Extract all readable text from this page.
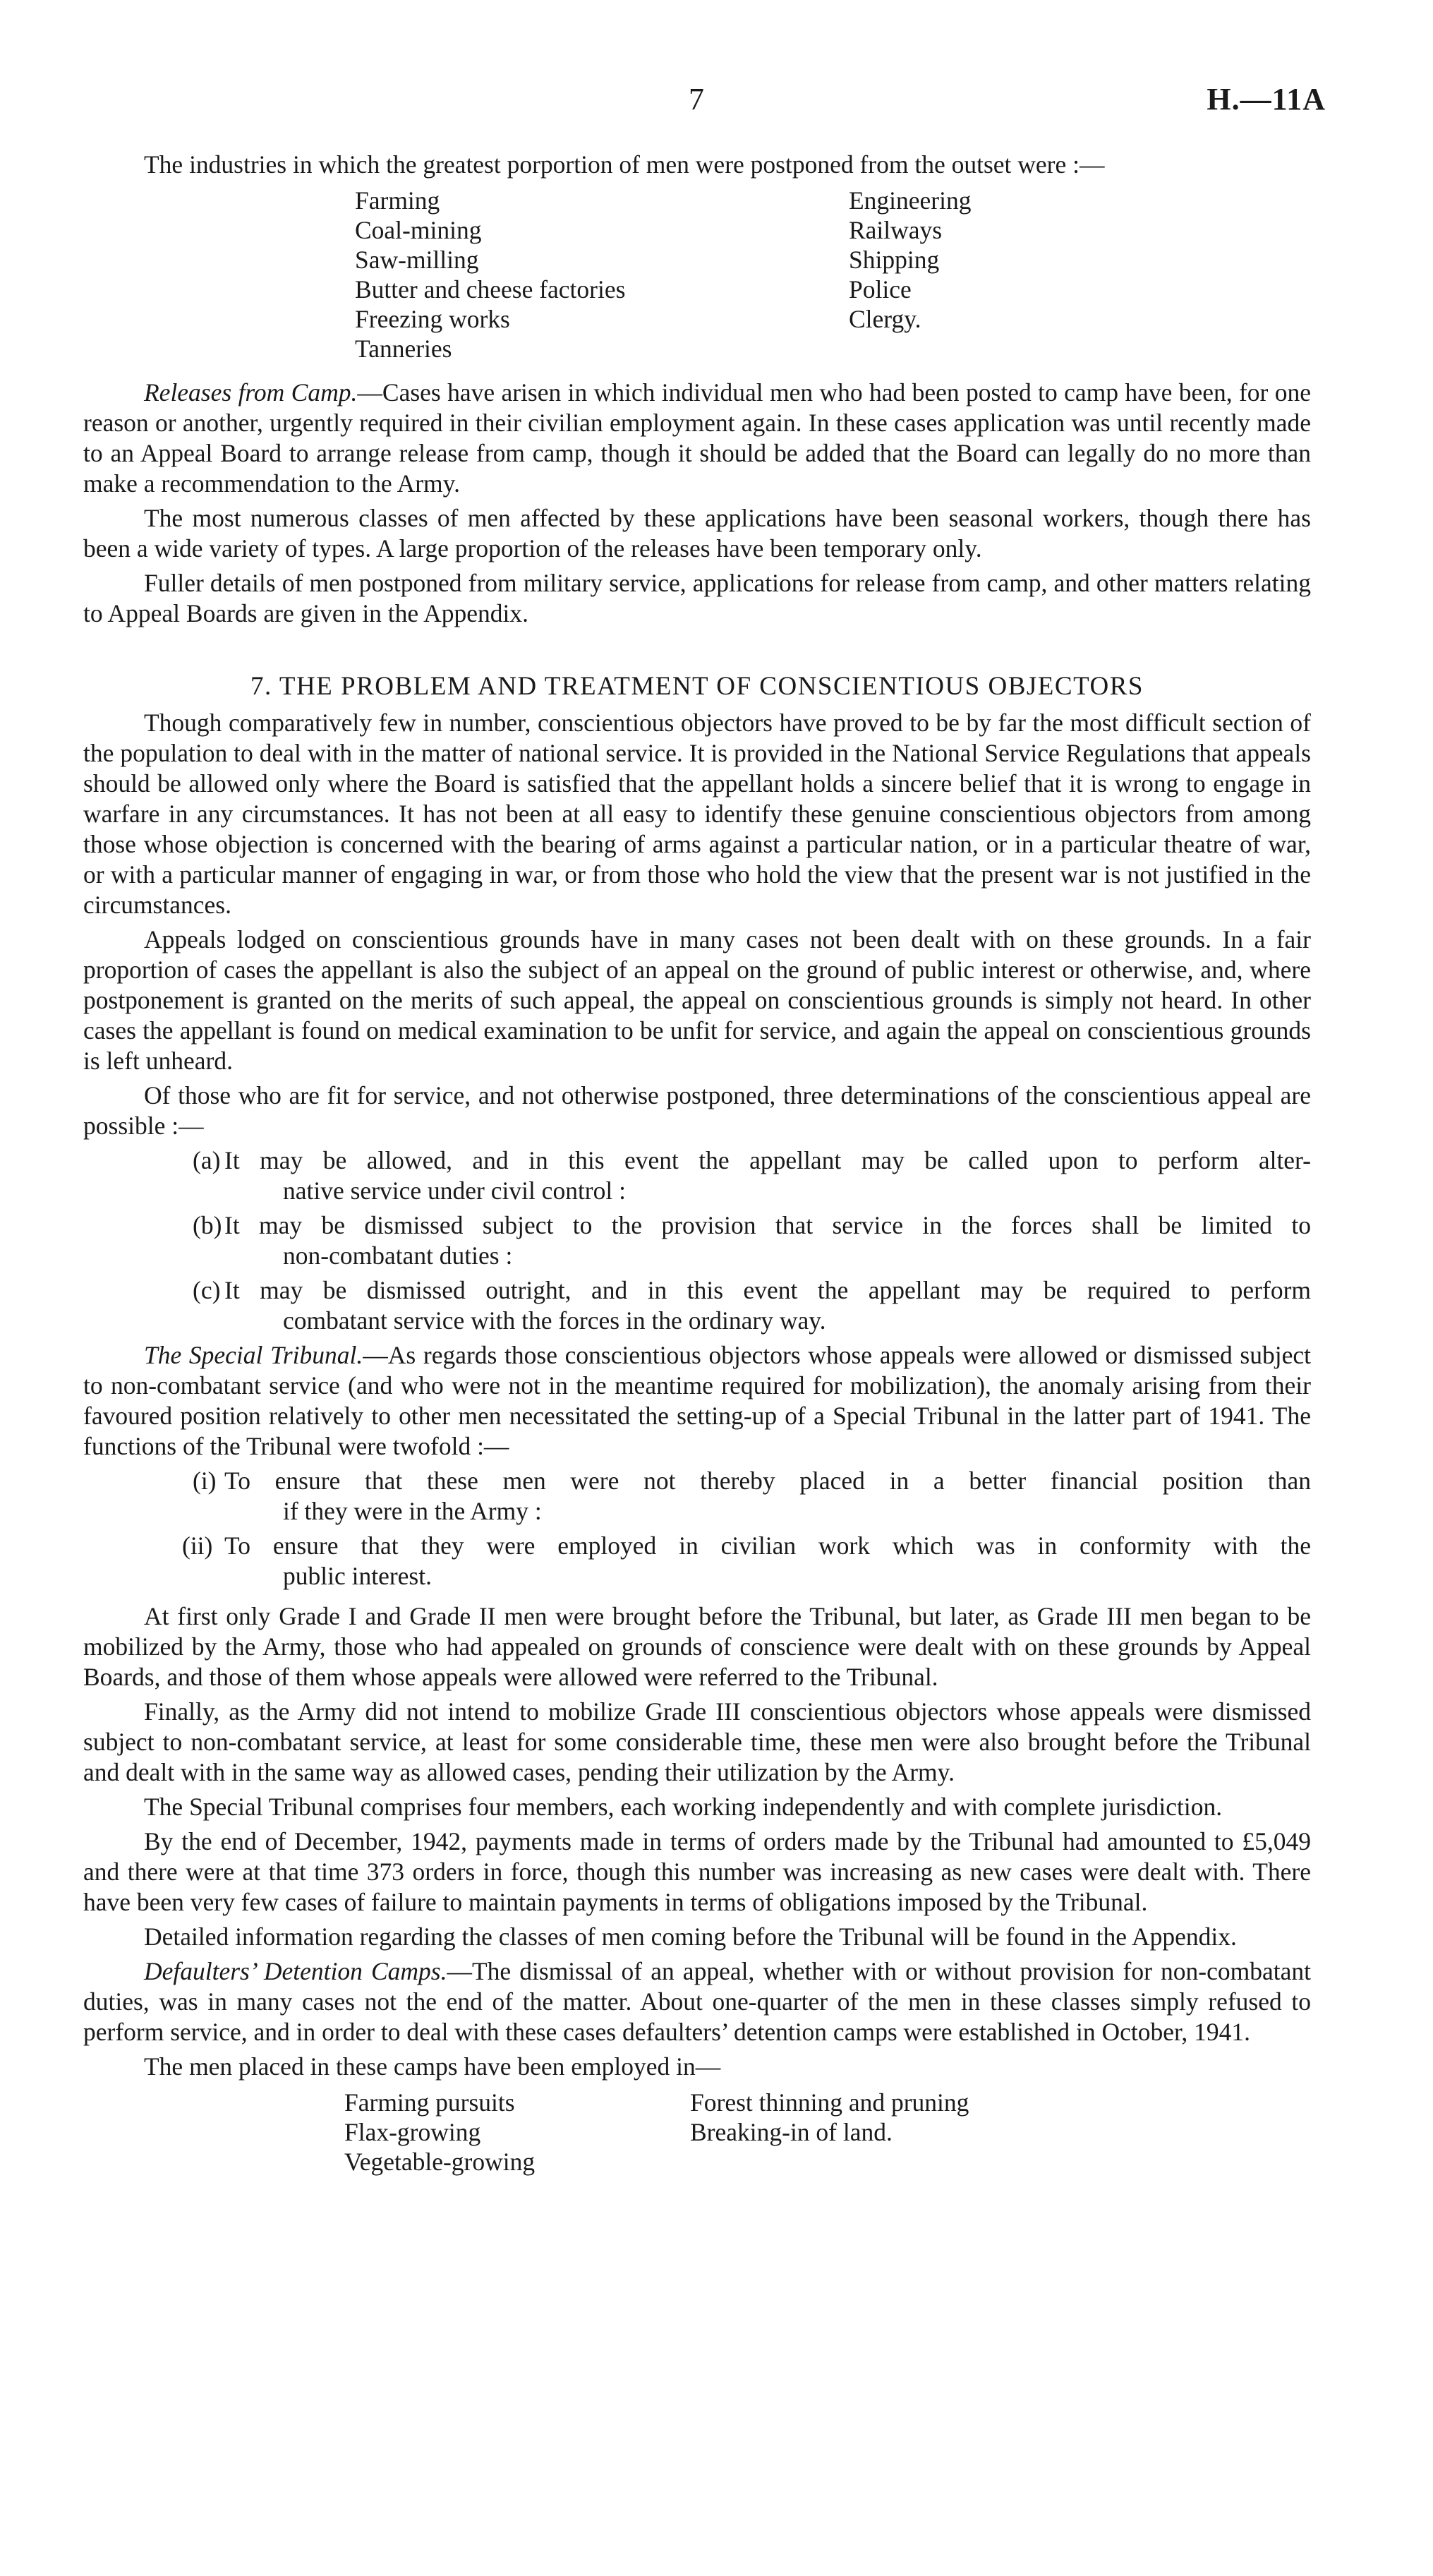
7	H.—11A

The industries in which the greatest porportion of men were postponed from the outset were :—

Farming
Coal-mining
Saw-milling
Butter and cheese factories
Freezing works
Tanneries
Engineering
Railways
Shipping
Police
Clergy.

Releases from Camp.—Cases have arisen in which individual men who had been posted to camp have been, for one reason or another, urgently required in their civilian employment again. In these cases application was until recently made to an Appeal Board to arrange release from camp, though it should be added that the Board can legally do no more than make a recommendation to the Army.

The most numerous classes of men affected by these applications have been seasonal workers, though there has been a wide variety of types. A large proportion of the releases have been temporary only.

Fuller details of men postponed from military service, applications for release from camp, and other matters relating to Appeal Boards are given in the Appendix.

7. THE PROBLEM AND TREATMENT OF CONSCIENTIOUS OBJECTORS

Though comparatively few in number, conscientious objectors have proved to be by far the most difficult section of the population to deal with in the matter of national service. It is provided in the National Service Regulations that appeals should be allowed only where the Board is satisfied that the appellant holds a sincere belief that it is wrong to engage in warfare in any circumstances. It has not been at all easy to identify these genuine conscientious objectors from among those whose objection is concerned with the bearing of arms against a particular nation, or in a particular theatre of war, or with a particular manner of engaging in war, or from those who hold the view that the present war is not justified in the circumstances.

Appeals lodged on conscientious grounds have in many cases not been dealt with on these grounds. In a fair proportion of cases the appellant is also the subject of an appeal on the ground of public interest or otherwise, and, where postponement is granted on the merits of such appeal, the appeal on conscientious grounds is simply not heard. In other cases the appellant is found on medical examination to be unfit for service, and again the appeal on conscientious grounds is left unheard.

Of those who are fit for service, and not otherwise postponed, three determinations of the conscientious appeal are possible :—

(a) It may be allowed, and in this event the appellant may be called upon to perform alter-
native service under civil control :
(b) It may be dismissed subject to the provision that service in the forces shall be limited to
non-combatant duties :
(c) It may be dismissed outright, and in this event the appellant may be required to perform
combatant service with the forces in the ordinary way.

The Special Tribunal.—As regards those conscientious objectors whose appeals were allowed or dismissed subject to non-combatant service (and who were not in the meantime required for mobilization), the anomaly arising from their favoured position relatively to other men necessitated the setting-up of a Special Tribunal in the latter part of 1941. The functions of the Tribunal were twofold :—

(i) To ensure that these men were not thereby placed in a better financial position than
if they were in the Army :
(ii) To ensure that they were employed in civilian work which was in conformity with the
public interest.

At first only Grade I and Grade II men were brought before the Tribunal, but later, as Grade III men began to be mobilized by the Army, those who had appealed on grounds of conscience were dealt with on these grounds by Appeal Boards, and those of them whose appeals were allowed were referred to the Tribunal.

Finally, as the Army did not intend to mobilize Grade III conscientious objectors whose appeals were dismissed subject to non-combatant service, at least for some considerable time, these men were also brought before the Tribunal and dealt with in the same way as allowed cases, pending their utilization by the Army.

The Special Tribunal comprises four members, each working independently and with complete jurisdiction.

By the end of December, 1942, payments made in terms of orders made by the Tribunal had amounted to £5,049 and there were at that time 373 orders in force, though this number was increasing as new cases were dealt with. There have been very few cases of failure to maintain payments in terms of obligations imposed by the Tribunal.

Detailed information regarding the classes of men coming before the Tribunal will be found in the Appendix.

Defaulters’ Detention Camps.—The dismissal of an appeal, whether with or without provision for non-combatant duties, was in many cases not the end of the matter. About one-quarter of the men in these classes simply refused to perform service, and in order to deal with these cases defaulters’ detention camps were established in October, 1941.

The men placed in these camps have been employed in—

Farming pursuits
Flax-growing
Vegetable-growing
Forest thinning and pruning
Breaking-in of land.
